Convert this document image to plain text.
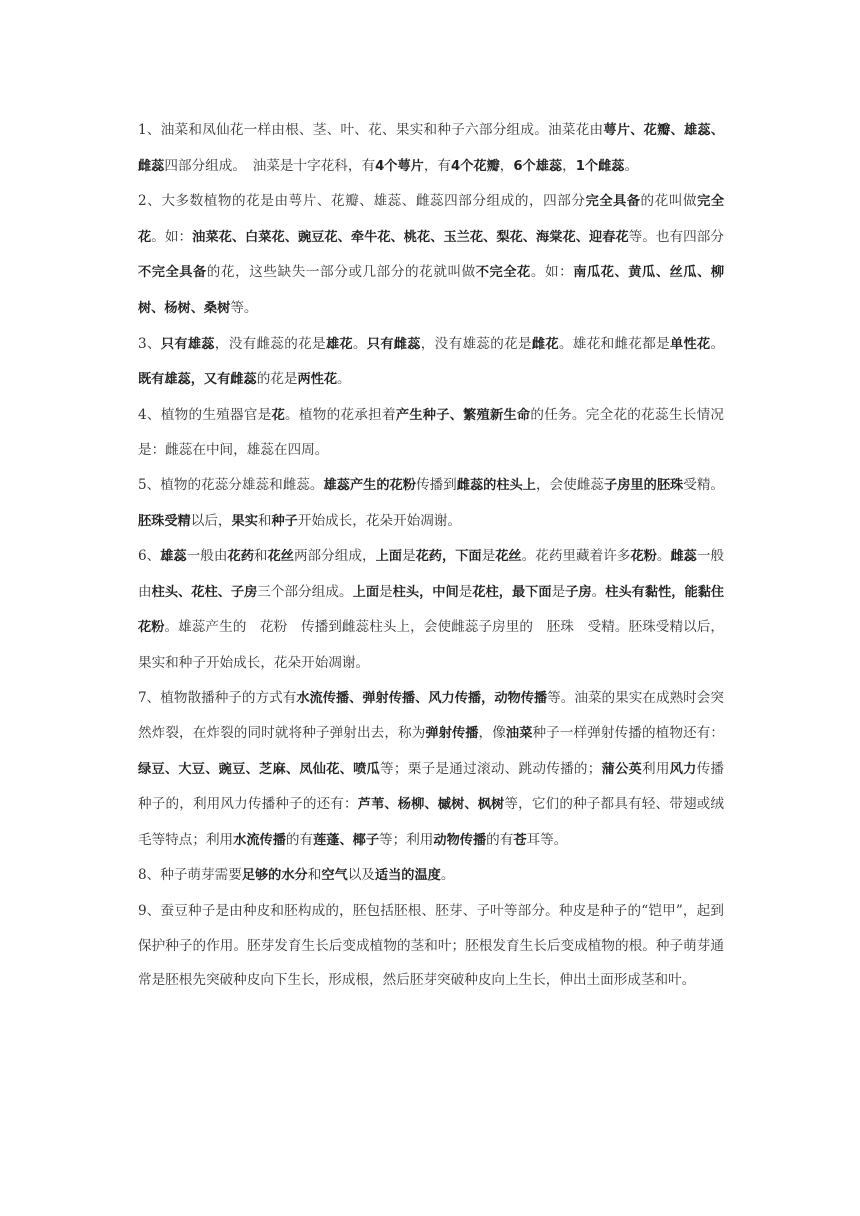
1、油菜和凤仙花一样由根、茎、叶、花、果实和种子六部分组成。油菜花由萼片、花瓣、雄蕊、雌蕊四部分组成。　油菜是十字花科，有4个萼片，有4个花瓣，6个雄蕊，1个雌蕊。

2、大多数植物的花是由萼片、花瓣、雄蕊、雌蕊四部分组成的，四部分完全具备的花叫做完全花。如：油菜花、白菜花、豌豆花、牵牛花、桃花、玉兰花、梨花、海棠花、迎春花等。也有四部分不完全具备的花，这些缺失一部分或几部分的花就叫做不完全花。如：南瓜花、黄瓜、丝瓜、柳树、杨树、桑树等。

3、只有雄蕊，没有雌蕊的花是雄花。只有雌蕊，没有雄蕊的花是雌花。雄花和雌花都是单性花。既有雄蕊，又有雌蕊的花是两性花。

4、植物的生殖器官是花。植物的花承担着产生种子、繁殖新生命的任务。完全花的花蕊生长情况是：雌蕊在中间，雄蕊在四周。

5、植物的花蕊分雄蕊和雌蕊。雄蕊产生的花粉传播到雌蕊的柱头上，会使雌蕊子房里的胚珠受精。胚珠受精以后，果实和种子开始成长，花朵开始凋谢。

6、雄蕊一般由花药和花丝两部分组成，上面是花药，下面是花丝。花药里藏着许多花粉。雌蕊一般由柱头、花柱、子房三个部分组成。上面是柱头，中间是花柱，最下面是子房。柱头有黏性，能黏住花粉。雄蕊产生的　花粉　传播到雌蕊柱头上，会使雌蕊子房里的　胚珠　受精。胚珠受精以后，果实和种子开始成长，花朵开始凋谢。

7、植物散播种子的方式有水流传播、弹射传播、风力传播，动物传播等。油菜的果实在成熟时会突然炸裂，在炸裂的同时就将种子弹射出去，称为弹射传播，像油菜种子一样弹射传播的植物还有：绿豆、大豆、豌豆、芝麻、凤仙花、喷瓜等；栗子是通过滚动、跳动传播的；蒲公英利用风力传播种子的，利用风力传播种子的还有：芦苇、杨柳、槭树、枫树等，它们的种子都具有轻、带翅或绒毛等特点；利用水流传播的有莲蓬、椰子等；利用动物传播的有苍耳等。

8、种子萌芽需要足够的水分和空气以及适当的温度。

9、蚕豆种子是由种皮和胚构成的，胚包括胚根、胚芽、子叶等部分。种皮是种子的“铠甲”，起到保护种子的作用。胚芽发育生长后变成植物的茎和叶；胚根发育生长后变成植物的根。种子萌芽通常是胚根先突破种皮向下生长，形成根，然后胚芽突破种皮向上生长，伸出土面形成茎和叶。
